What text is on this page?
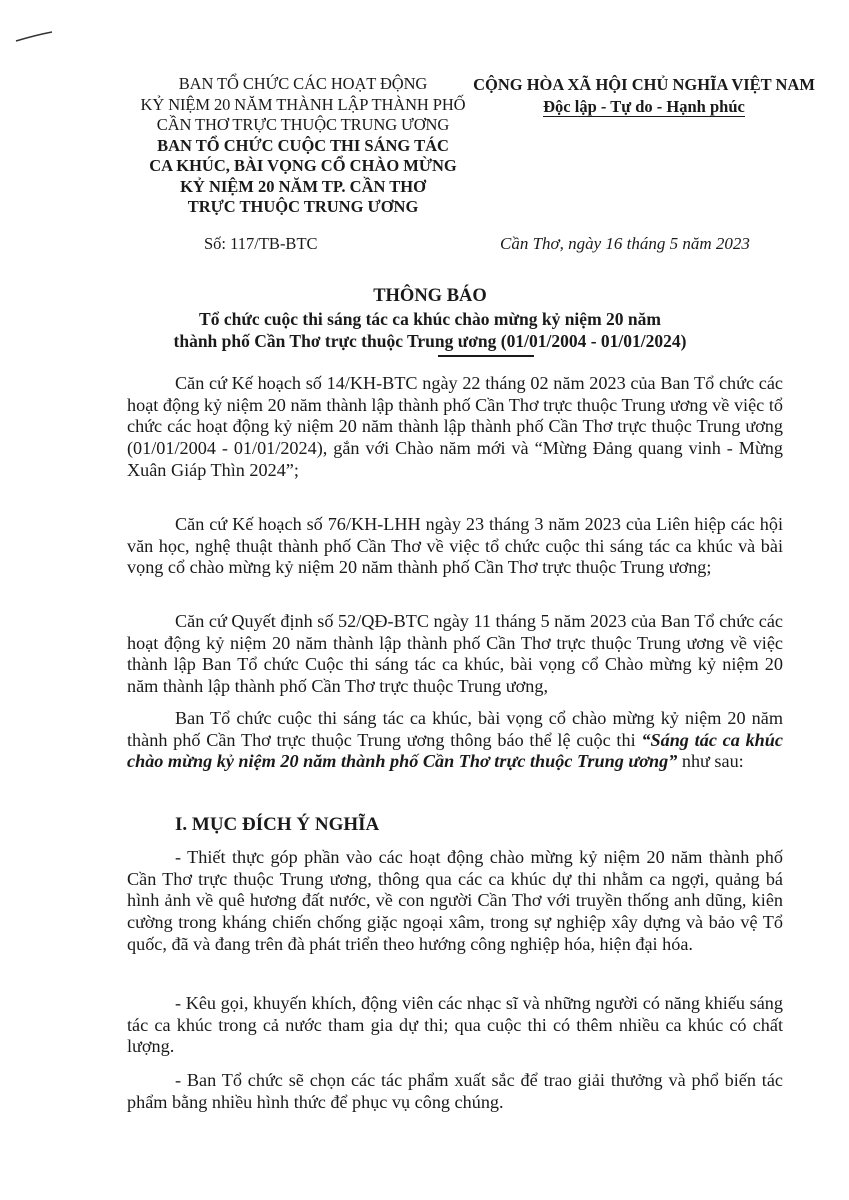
BAN TỔ CHỨC CÁC HOẠT ĐỘNG
KỶ NIỆM 20 NĂM THÀNH LẬP THÀNH PHỐ
CẦN THƠ TRỰC THUỘC TRUNG ƯƠNG
BAN TỔ CHỨC CUỘC THI SÁNG TÁC
CA KHÚC, BÀI VỌNG CỔ CHÀO MỪNG
KỶ NIỆM 20 NĂM TP. CẦN THƠ
TRỰC THUỘC TRUNG ƯƠNG
CỘNG HÒA XÃ HỘI CHỦ NGHĨA VIỆT NAM
Độc lập - Tự do - Hạnh phúc
Số: 117/TB-BTC	Cần Thơ, ngày 16 tháng 5 năm 2023
THÔNG BÁO
Tổ chức cuộc thi sáng tác ca khúc chào mừng kỷ niệm 20 năm
thành phố Cần Thơ trực thuộc Trung ương (01/01/2004 - 01/01/2024)
Căn cứ Kế hoạch số 14/KH-BTC ngày 22 tháng 02 năm 2023 của Ban Tổ chức các hoạt động kỷ niệm 20 năm thành lập thành phố Cần Thơ trực thuộc Trung ương về việc tổ chức các hoạt động kỷ niệm 20 năm thành lập thành phố Cần Thơ trực thuộc Trung ương (01/01/2004 - 01/01/2024), gắn với Chào năm mới và “Mừng Đảng quang vinh - Mừng Xuân Giáp Thìn 2024”;
Căn cứ Kế hoạch số 76/KH-LHH ngày 23 tháng 3 năm 2023 của Liên hiệp các hội văn học, nghệ thuật thành phố Cần Thơ về việc tổ chức cuộc thi sáng tác ca khúc và bài vọng cổ chào mừng kỷ niệm 20 năm thành phố Cần Thơ trực thuộc Trung ương;
Căn cứ Quyết định số 52/QĐ-BTC ngày 11 tháng 5 năm 2023 của Ban Tổ chức các hoạt động kỷ niệm 20 năm thành lập thành phố Cần Thơ trực thuộc Trung ương về việc thành lập Ban Tổ chức Cuộc thi sáng tác ca khúc, bài vọng cổ Chào mừng kỷ niệm 20 năm thành lập thành phố Cần Thơ trực thuộc Trung ương,
Ban Tổ chức cuộc thi sáng tác ca khúc, bài vọng cổ chào mừng kỷ niệm 20 năm thành phố Cần Thơ trực thuộc Trung ương thông báo thể lệ cuộc thi “Sáng tác ca khúc chào mừng kỷ niệm 20 năm thành phố Cần Thơ trực thuộc Trung ương” như sau:
I. MỤC ĐÍCH Ý NGHĨA
- Thiết thực góp phần vào các hoạt động chào mừng kỷ niệm 20 năm thành phố Cần Thơ trực thuộc Trung ương, thông qua các ca khúc dự thi nhằm ca ngợi, quảng bá hình ảnh về quê hương đất nước, về con người Cần Thơ với truyền thống anh dũng, kiên cường trong kháng chiến chống giặc ngoại xâm, trong sự nghiệp xây dựng và bảo vệ Tổ quốc, đã và đang trên đà phát triển theo hướng công nghiệp hóa, hiện đại hóa.
- Kêu gọi, khuyến khích, động viên các nhạc sĩ và những người có năng khiếu sáng tác ca khúc trong cả nước tham gia dự thi; qua cuộc thi có thêm nhiều ca khúc có chất lượng.
- Ban Tổ chức sẽ chọn các tác phẩm xuất sắc để trao giải thưởng và phổ biến tác phẩm bằng nhiều hình thức để phục vụ công chúng.
